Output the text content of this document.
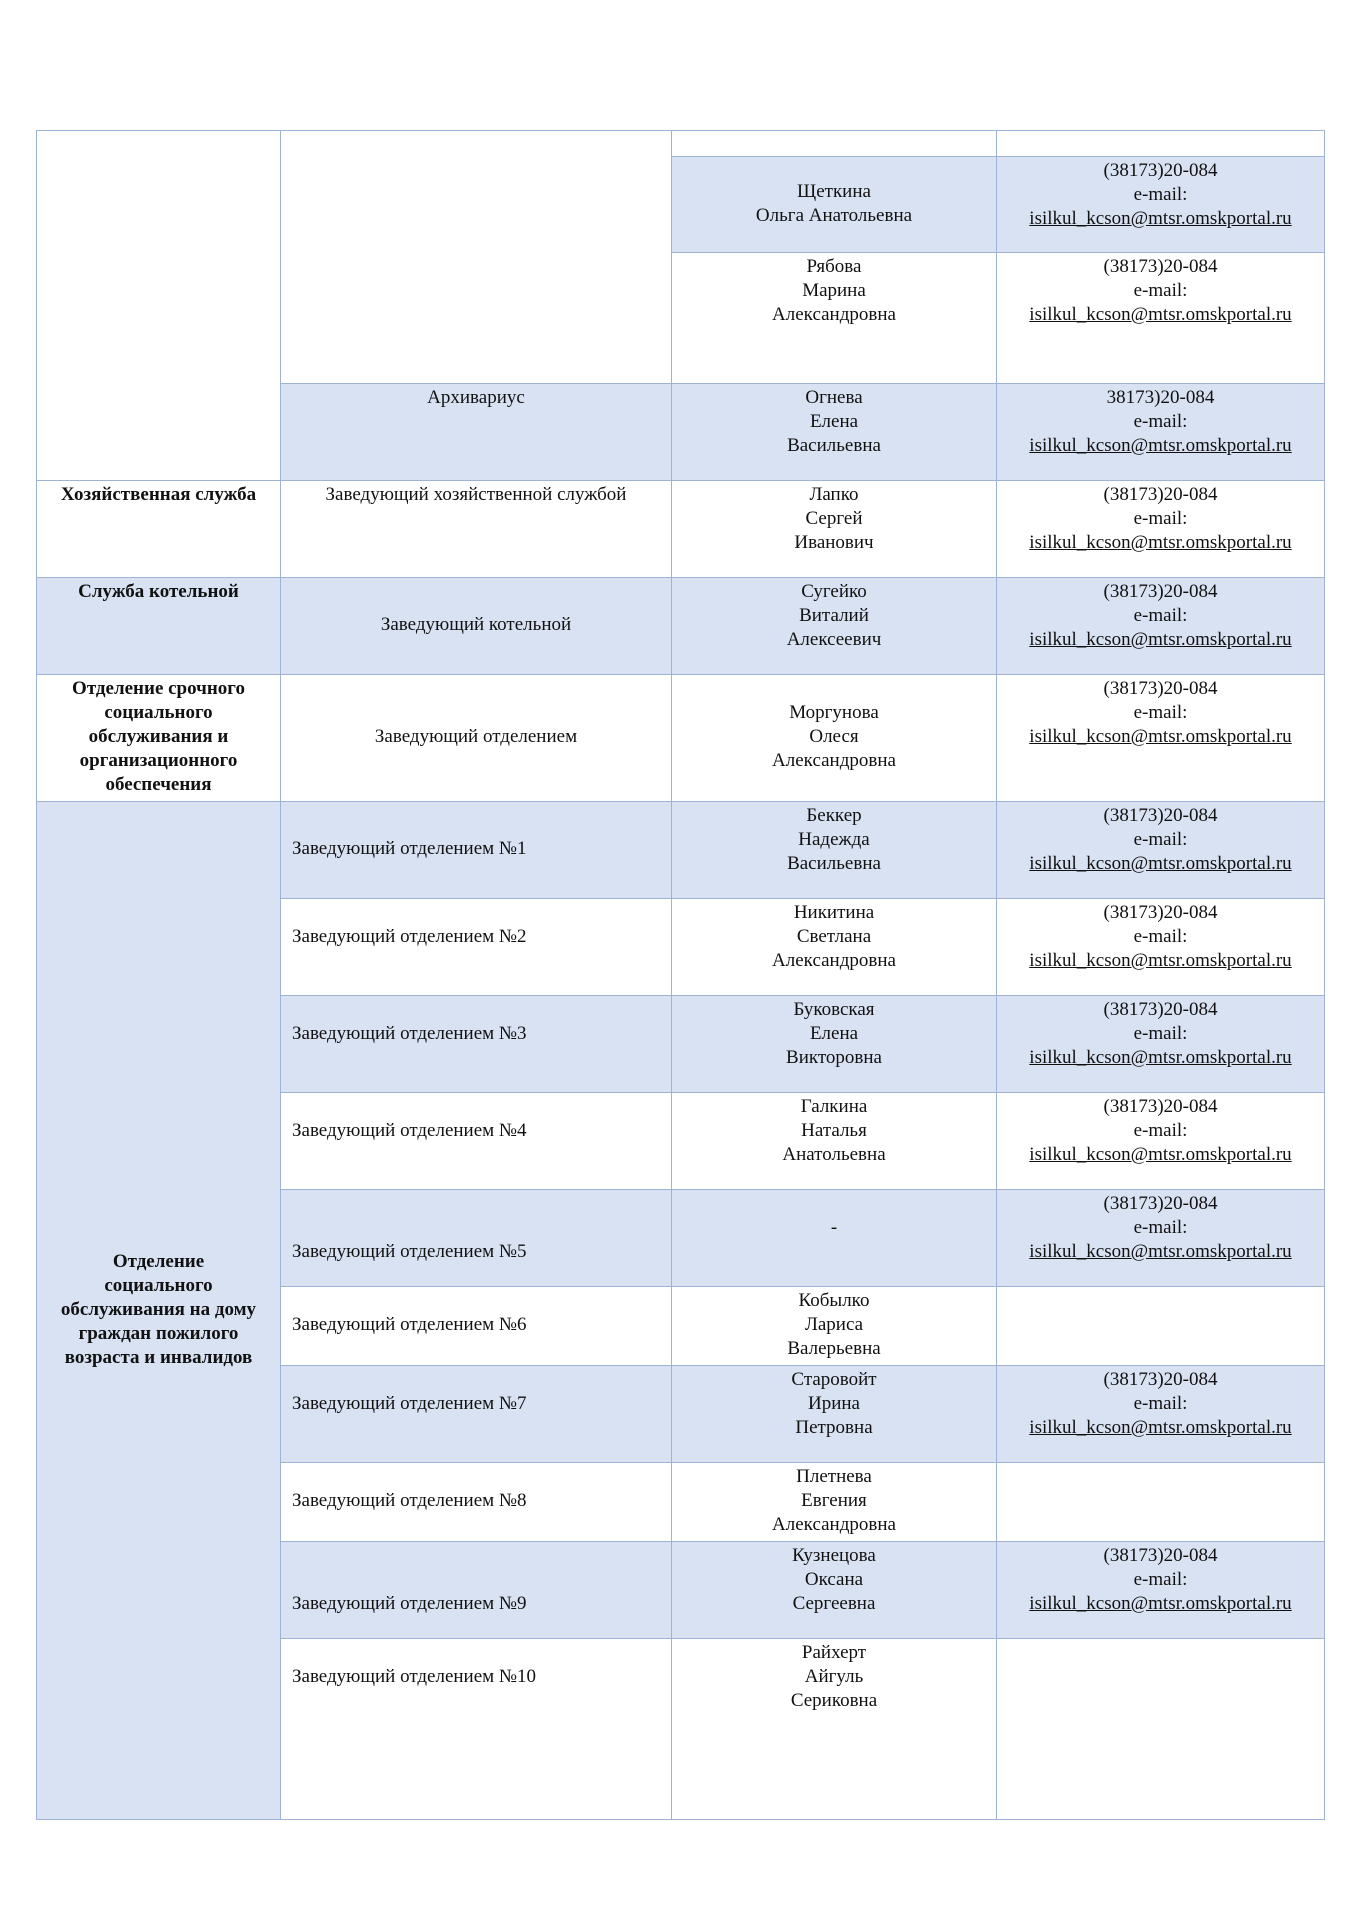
		Щеткина
Ольга Анатольевна	(38173)20-084
e-mail:
isilkul_kcson@mtsr.omskportal.ru

		Рябова
Марина
Александровна	(38173)20-084
e-mail:
isilkul_kcson@mtsr.omskportal.ru

	Архивариус	Огнева
Елена
Васильевна	38173)20-084
e-mail:
isilkul_kcson@mtsr.omskportal.ru

Хозяйственная служба	Заведующий хозяйственной службой	Лапко
Сергей
Иванович	(38173)20-084
e-mail:
isilkul_kcson@mtsr.omskportal.ru

Служба котельной	Заведующий котельной	Сугейко
Виталий
Алексеевич	(38173)20-084
e-mail:
isilkul_kcson@mtsr.omskportal.ru

Отделение срочного
социального
обслуживания и
организационного
обеспечения	Заведующий отделением	Моргунова
Олеся
Александровна	(38173)20-084
e-mail:
isilkul_kcson@mtsr.omskportal.ru

Отделение
социального
обслуживания на дому
граждан пожилого
возраста и инвалидов	Заведующий отделением №1	Беккер
Надежда
Васильевна	(38173)20-084
e-mail:
isilkul_kcson@mtsr.omskportal.ru

	Заведующий отделением №2	Никитина
Светлана
Александровна	(38173)20-084
e-mail:
isilkul_kcson@mtsr.omskportal.ru

	Заведующий отделением №3	Буковская
Елена
Викторовна	(38173)20-084
e-mail:
isilkul_kcson@mtsr.omskportal.ru

	Заведующий отделением №4	Галкина
Наталья
Анатольевна	(38173)20-084
e-mail:
isilkul_kcson@mtsr.omskportal.ru

	Заведующий отделением №5	-	(38173)20-084
e-mail:
isilkul_kcson@mtsr.omskportal.ru

	Заведующий отделением №6	Кобылко
Лариса
Валерьевна	

	Заведующий отделением №7	Старовойт
Ирина
Петровна	(38173)20-084
e-mail:
isilkul_kcson@mtsr.omskportal.ru

	Заведующий отделением №8	Плетнева
Евгения
Александровна	

	Заведующий отделением №9	Кузнецова
Оксана
Сергеевна	(38173)20-084
e-mail:
isilkul_kcson@mtsr.omskportal.ru

	Заведующий отделением №10	Райхерт
Айгуль
Сериковна	
